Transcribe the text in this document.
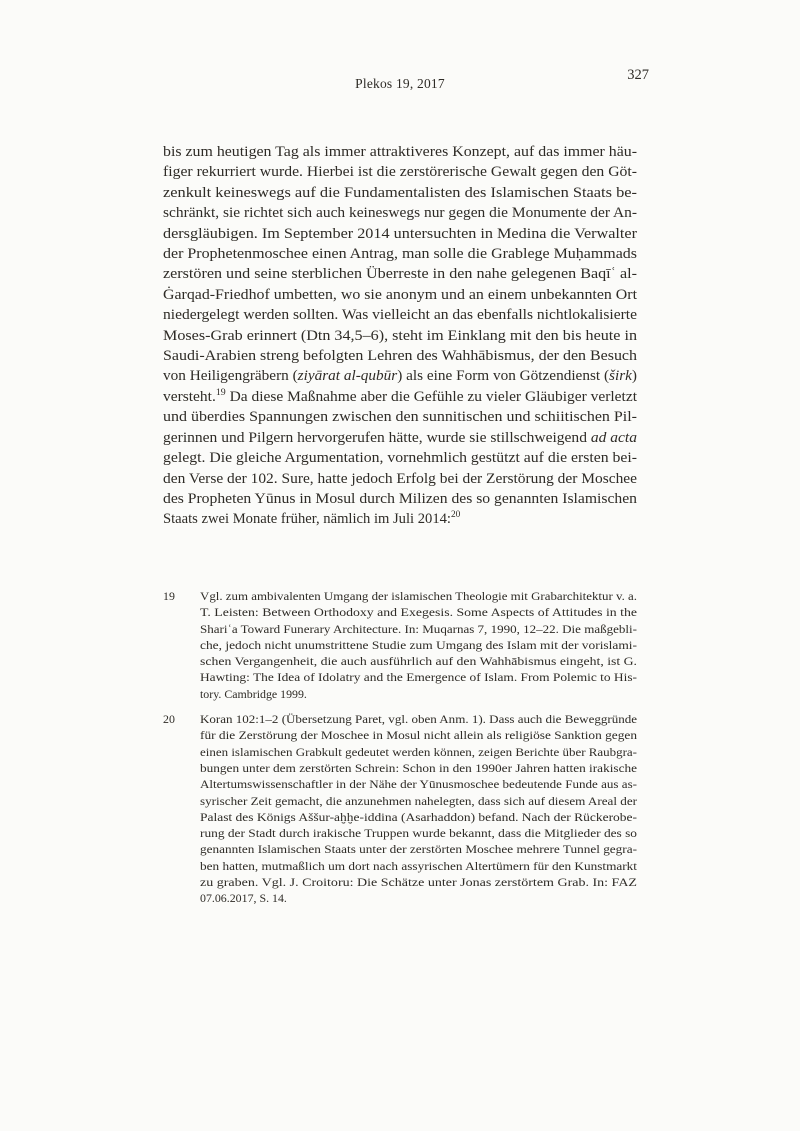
Plekos 19, 2017
327
bis zum heutigen Tag als immer attraktiveres Konzept, auf das immer häu-
figer rekurriert wurde. Hierbei ist die zerstörerische Gewalt gegen den Göt-
zenkult keineswegs auf die Fundamentalisten des Islamischen Staats be-
schränkt, sie richtet sich auch keineswegs nur gegen die Monumente der An-
dersgläubigen. Im September 2014 untersuchten in Medina die Verwalter
der Prophetenmoschee einen Antrag, man solle die Grablege Muḥammads
zerstören und seine sterblichen Überreste in den nahe gelegenen Baqīʿ al-
Ġarqad-Friedhof umbetten, wo sie anonym und an einem unbekannten Ort
niedergelegt werden sollten. Was vielleicht an das ebenfalls nichtlokalisierte
Moses-Grab erinnert (Dtn 34,5–6), steht im Einklang mit den bis heute in
Saudi-Arabien streng befolgten Lehren des Wahhābismus, der den Besuch
von Heiligengräbern (ziyārat al-qubūr) als eine Form von Götzendienst (širk)
versteht.$^{19}$ Da diese Maßnahme aber die Gefühle zu vieler Gläubiger verletzt
und überdies Spannungen zwischen den sunnitischen und schiitischen Pil-
gerinnen und Pilgern hervorgerufen hätte, wurde sie stillschweigend ad acta
gelegt. Die gleiche Argumentation, vornehmlich gestützt auf die ersten bei-
den Verse der 102. Sure, hatte jedoch Erfolg bei der Zerstörung der Moschee
des Propheten Yūnus in Mosul durch Milizen des so genannten Islamischen
Staats zwei Monate früher, nämlich im Juli 2014:$^{20}$
19	Vgl. zum ambivalenten Umgang der islamischen Theologie mit Grabarchitektur v. a.
T. Leisten: Between Orthodoxy and Exegesis. Some Aspects of Attitudes in the
Shariʿa Toward Funerary Architecture. In: Muqarnas 7, 1990, 12–22. Die maßgebli-
che, jedoch nicht unumstrittene Studie zum Umgang des Islam mit der vorislami-
schen Vergangenheit, die auch ausführlich auf den Wahhābismus eingeht, ist G.
Hawting: The Idea of Idolatry and the Emergence of Islam. From Polemic to His-
tory. Cambridge 1999.
20	Koran 102:1–2 (Übersetzung Paret, vgl. oben Anm. 1). Dass auch die Beweggründe
für die Zerstörung der Moschee in Mosul nicht allein als religiöse Sanktion gegen
einen islamischen Grabkult gedeutet werden können, zeigen Berichte über Raubgra-
bungen unter dem zerstörten Schrein: Schon in den 1990er Jahren hatten irakische
Altertumswissenschaftler in der Nähe der Yūnusmoschee bedeutende Funde aus as-
syrischer Zeit gemacht, die anzunehmen nahelegten, dass sich auf diesem Areal der
Palast des Königs Aššur-aḫḫe-iddina (Asarhaddon) befand. Nach der Rückerobe-
rung der Stadt durch irakische Truppen wurde bekannt, dass die Mitglieder des so
genannten Islamischen Staats unter der zerstörten Moschee mehrere Tunnel gegra-
ben hatten, mutmaßlich um dort nach assyrischen Altertümern für den Kunstmarkt
zu graben. Vgl. J. Croitoru: Die Schätze unter Jonas zerstörtem Grab. In: FAZ
07.06.2017, S. 14.
